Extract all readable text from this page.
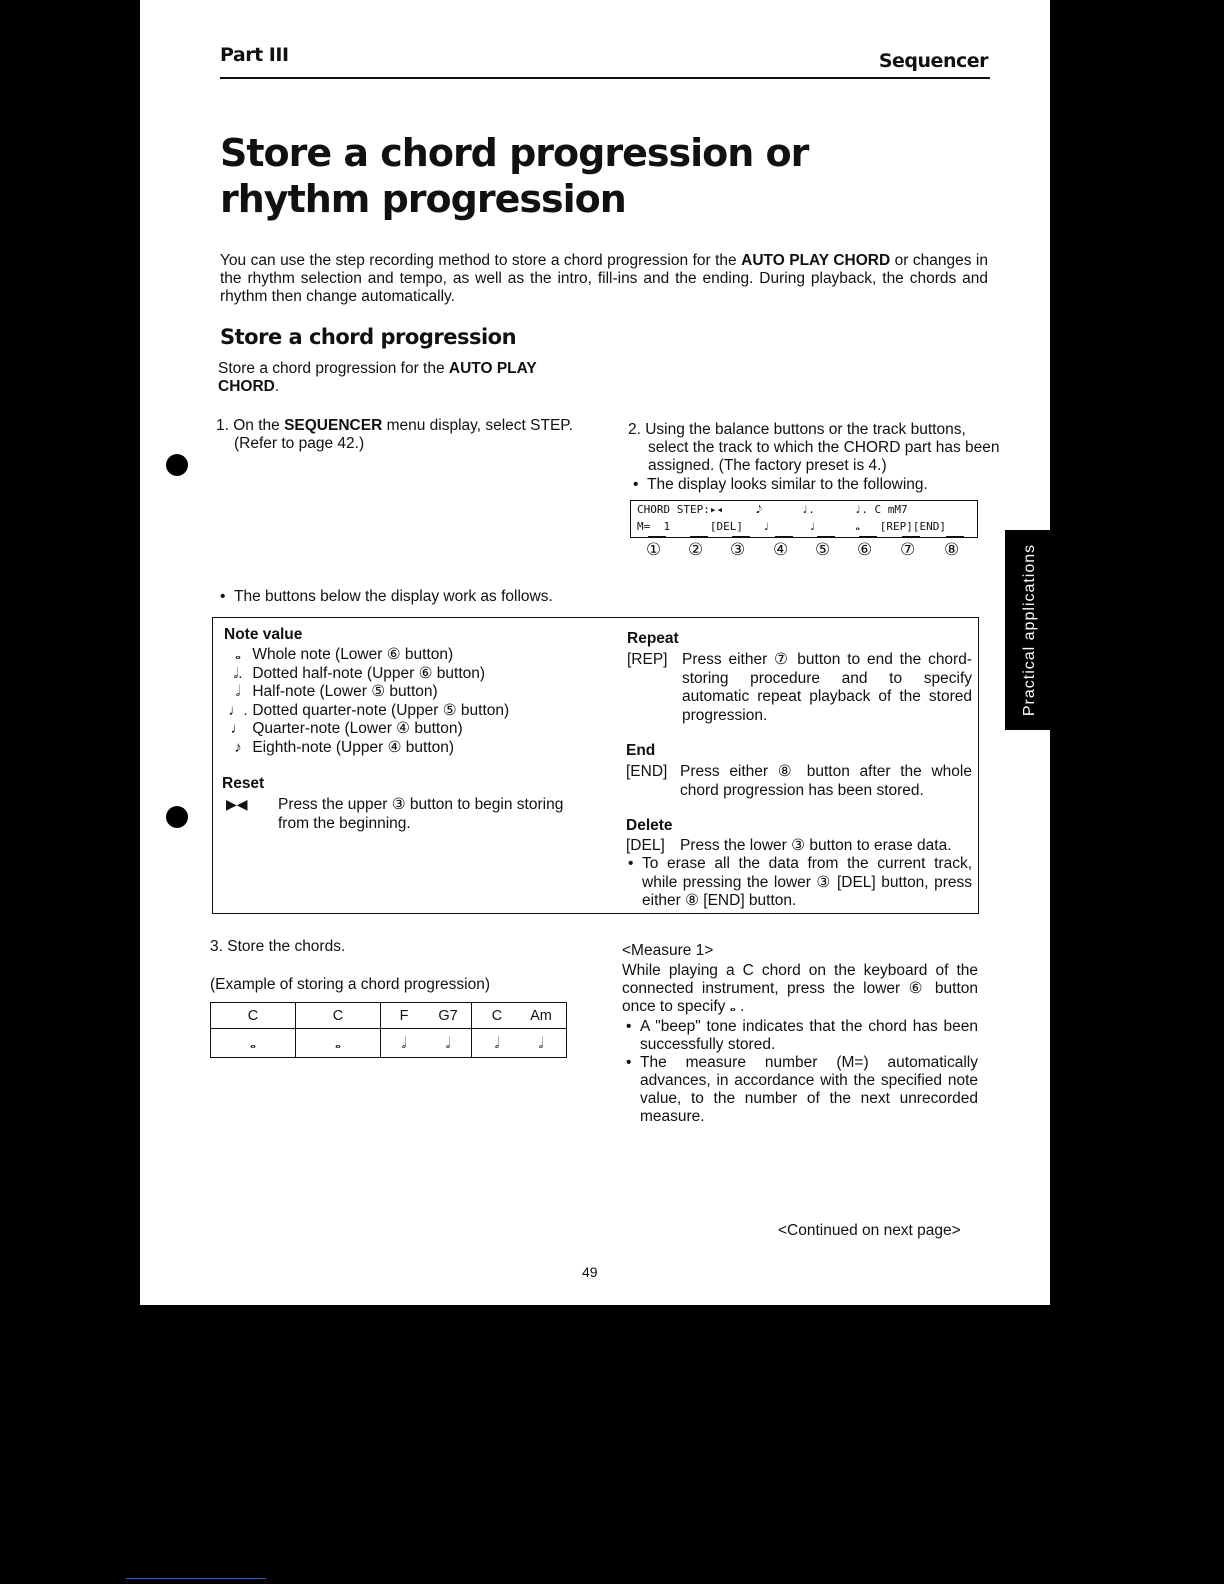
Part III	Sequencer
Store a chord progression or rhythm progression
You can use the step recording method to store a chord progression for the AUTO PLAY CHORD or changes in the rhythm selection and tempo, as well as the intro, fill-ins and the ending. During playback, the chords and rhythm then change automatically.
Store a chord progression
Store a chord progression for the AUTO PLAY CHORD.
1. On the SEQUENCER menu display, select STEP. (Refer to page 42.)
2. Using the balance buttons or the track buttons, select the track to which the CHORD part has been assigned. (The factory preset is 4.)
• The display looks similar to the following.
CHORD STEP:▸◂     𝅘𝅥𝅮      ♩.      ♩. C mM7
M=  1      [DEL]   ♩      ♩      𝅝   [REP][END]
① ② ③ ④ ⑤ ⑥ ⑦ ⑧
• The buttons below the display work as follows.
Note value
𝅝 Whole note (Lower ⑥ button)
𝅗𝅥. Dotted half-note (Upper ⑥ button)
𝅗𝅥 Half-note (Lower ⑤ button)
♩. Dotted quarter-note (Upper ⑤ button)
♩ Quarter-note (Lower ④ button)
♪ Eighth-note (Upper ④ button)
Reset
▶◀ Press the upper ③ button to begin storing from the beginning.
Repeat
[REP] Press either ⑦ button to end the chord-storing procedure and to specify automatic repeat playback of the stored progression.
End
[END] Press either ⑧ button after the whole chord progression has been stored.
Delete
[DEL] Press the lower ③ button to erase data.
• To erase all the data from the current track, while pressing the lower ③ [DEL] button, press either ⑧ [END] button.
3. Store the chords.
(Example of storing a chord progression)
C	C	F G7	C Am
𝅝	𝅝	𝅗𝅥 𝅗𝅥	𝅗𝅥 𝅗𝅥
<Measure 1>
While playing a C chord on the keyboard of the connected instrument, press the lower ⑥ button once to specify 𝅝 .
• A "beep" tone indicates that the chord has been successfully stored.
• The measure number (M=) automatically advances, in accordance with the specified note value, to the number of the next unrecorded measure.
<Continued on next page>
49
Practical applications
